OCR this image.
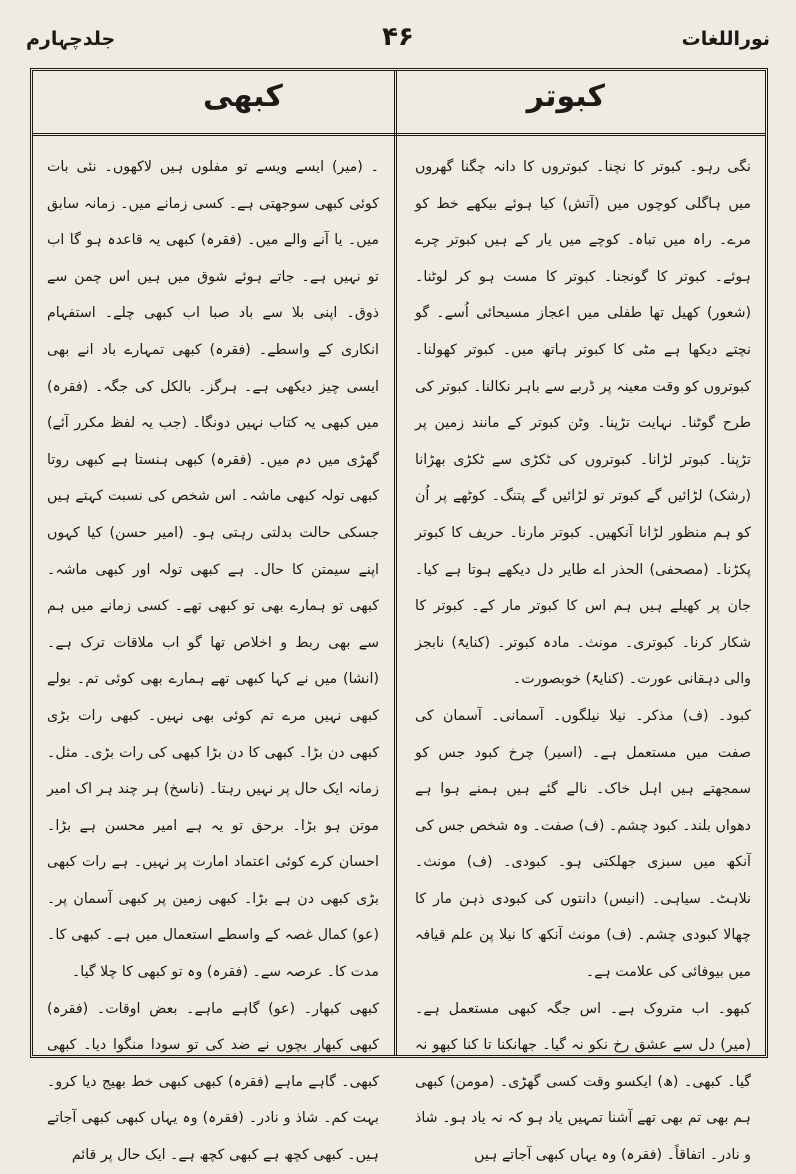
نوراللغات
۴۶
جلدچہارم
کبوتر
کبھی

نگی رہو۔ کبوتر کا نچنا۔ کبوتروں کا دانہ چگنا گھروں میں ہاگلی کوچوں میں (آتش) کیا ہوئے بیکھے خط کو مرے۔ راہ میں تباہ۔ کوچے میں یار کے ہیں کبوتر چرے ہوئے۔ کبوتر کا گونجنا۔ کبوتر کا مست ہو کر لوٹنا۔ (شعور) کھیل تھا طفلی میں اعجاز مسیحائی اُسے۔ گو نچتے دیکھا ہے مٹی کا کبوتر ہاتھ میں۔ کبوتر کھولنا۔ کبوتروں کو وقت معینہ پر ڈربے سے باہر نکالنا۔ کبوتر کی طرح گوٹنا۔ نہایت تڑپنا۔ وٹن کبوتر کے مانند زمین پر تڑپنا۔ کبوتر لڑانا۔ کبوتروں کی ٹکڑی سے ٹکڑی بھڑانا (رشک) لڑائیں گے کبوتر تو لڑائیں گے پتنگ۔ کوٹھے پر اُن کو ہم منظور لڑانا آنکھیں۔ کبوتر مارنا۔ حریف کا کبوتر پکڑنا۔ (مصحفی) الحذر اے طایر دل دیکھے ہوتا ہے کیا۔ جان پر کھیلے ہیں ہم اس کا کبوتر مار کے۔ کبوتر کا شکار کرنا۔ کبوتری۔ مونث۔ مادہ کبوتر۔ (کنایۃً) نابجز والی دہقانی عورت۔ (کنایۃً) خوبصورت۔

کبود۔ (ف) مذکر۔ نیلا نیلگوں۔ آسمانی۔ آسمان کی صفت میں مستعمل ہے۔ (اسیر) چرخ کبود جس کو سمجھتے ہیں اہل خاک۔ نالے گئے ہیں ہمنے ہوا ہے دھواں بلند۔ کبود چشم۔ (ف) صفت۔ وہ شخص جس کی آنکھ میں سبزی جھلکتی ہو۔ کبودی۔ (ف) مونث۔ نلاہٹ۔ سیاہی۔ (انیس) دانتوں کی کبودی ذہن مار کا چھالا کبودی چشم۔ (ف) مونث آنکھ کا نیلا پن علم قیافہ میں بیوفائی کی علامت ہے۔

کبھو۔ اب متروک ہے۔ اس جگہ کبھی مستعمل ہے۔ (میر) دل سے عشق رخ نکو نہ گیا۔ جھانکنا تا کنا کبھو نہ گیا۔ کبھی۔ (ھ) ایکسو وقت کسی گھڑی۔ (مومن) کبھی ہم بھی تم بھی تھے آشنا تمہیں یاد ہو کہ نہ یاد ہو۔ شاذ و نادر۔ اتفاقاً۔ (فقرہ) وہ یہاں کبھی آجاتے ہیں

۔ (میر) ایسے ویسے تو مفلوں ہیں لاکھوں۔ نئی بات کوئی کبھی سوجھتی ہے۔ کسی زمانے میں۔ زمانہ سابق میں۔ یا آنے والے میں۔ (فقرہ) کبھی یہ قاعدہ ہو گا اب تو نہیں ہے۔ جاتے ہوئے شوق میں ہیں اس چمن سے ذوق۔ اپنی بلا سے باد صبا اب کبھی چلے۔ استفہام انکاری کے واسطے۔ (فقرہ) کبھی تمہارے باد انے بھی ایسی چیز دیکھی ہے۔ ہرگز۔ بالکل کی جگہ۔ (فقرہ) میں کبھی یہ کتاب نہیں دونگا۔ (جب یہ لفظ مکرر آئے) گھڑی میں دم میں۔ (فقرہ) کبھی ہنستا ہے کبھی روتا کبھی تولہ کبھی ماشہ۔ اس شخص کی نسبت کہتے ہیں جسکی حالت بدلتی رہتی ہو۔ (امیر حسن) کیا کہوں اپنے سیمتن کا حال۔ ہے کبھی تولہ اور کبھی ماشہ۔ کبھی تو ہمارے بھی تو کبھی تھے۔ کسی زمانے میں ہم سے بھی ربط و اخلاص تھا گو اب ملاقات ترک ہے۔ (انشا) میں نے کہا کبھی تھے ہمارے بھی کوئی تم۔ بولے کبھی نہیں مرے تم کوئی بھی نہیں۔ کبھی رات بڑی کبھی دن بڑا۔ کبھی کا دن بڑا کبھی کی رات بڑی۔ مثل۔ زمانہ ایک حال پر نہیں رہتا۔ (ناسخ) ہر چند ہر اک امیر موتن ہو بڑا۔ برحق تو یہ ہے امیر محسن ہے بڑا۔ احسان کرے کوئی اعتماد امارت پر نہیں۔ ہے رات کبھی بڑی کبھی دن ہے بڑا۔ کبھی زمین پر کبھی آسمان پر۔ (عو) کمال غصہ کے واسطے استعمال میں ہے۔ کبھی کا۔ مدت کا۔ عرصہ سے۔ (فقرہ) وہ تو کبھی کا چلا گیا۔

کبھی کبھار۔ (عو) گاہے ماہے۔ بعض اوقات۔ (فقرہ) کبھی کبھار بچوں نے ضد کی تو سودا منگوا دیا۔ کبھی کبھی۔ گاہے ماہے (فقرہ) کبھی کبھی خط بھیج دیا کرو۔ بہت کم۔ شاذ و نادر۔ (فقرہ) وہ یہاں کبھی کبھی آجاتے ہیں۔ کبھی کچھ ہے کبھی کچھ ہے۔ ایک حال پر قائم
